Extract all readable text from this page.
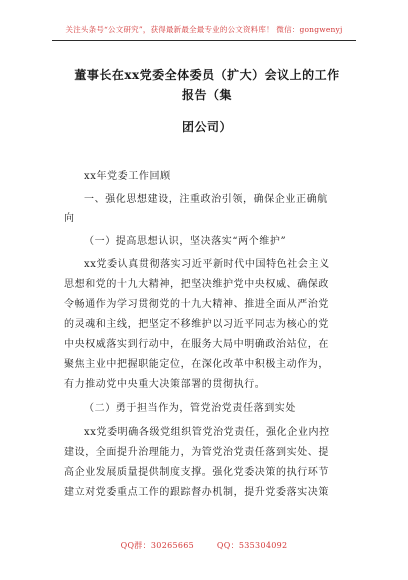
关注头条号“公文研究”，获得最新最全最专业的公文资料库！ 微信：gongwenyj
董事长在xx党委全体委员（扩大）会议上的工作报告（集
团公司）
xx年党委工作回顾
一、强化思想建设，注重政治引领，确保企业正确航
向
（一）提高思想认识，坚决落实“两个维护”
xx党委认真贯彻落实习近平新时代中国特色社会主义
思想和党的十九大精神，把坚决维护党中央权威、确保政
令畅通作为学习贯彻党的十九大精神、推进全面从严治党
的灵魂和主线，把坚定不移维护以习近平同志为核心的党
中央权威落实到行动中，在服务大局中明确政治站位，在
聚焦主业中把握职能定位，在深化改革中积极主动作为，
有力推动党中央重大决策部署的贯彻执行。
（二）勇于担当作为，管党治党责任落到实处
xx党委明确各级党组织管党治党责任，强化企业内控
建设，全面提升治理能力，为管党治党责任落到实处、提
高企业发展质量提供制度支撑。强化党委决策的执行环节
建立对党委重点工作的跟踪督办机制，提升党委落实决策
QQ群：30265665	QQ：535304092
